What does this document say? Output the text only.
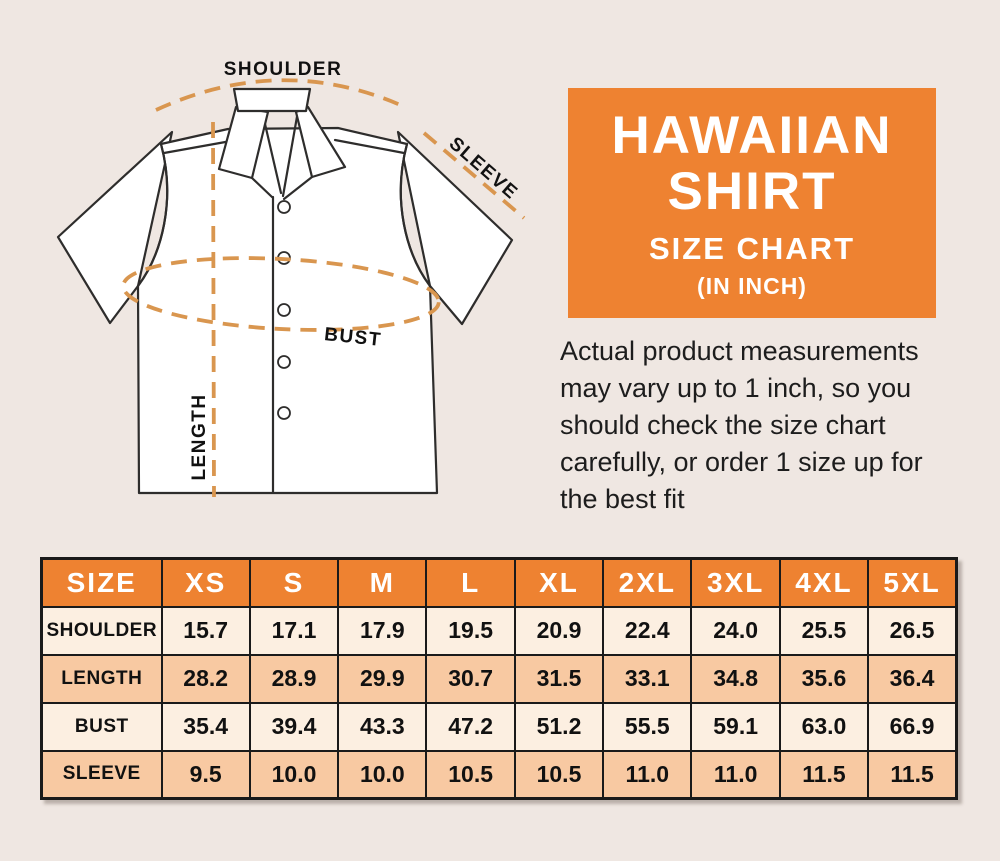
SHOULDER
SLEEVE
BUST
LENGTH
HAWAIIAN
SHIRT
SIZE CHART
(IN INCH)
Actual product measurements
may vary up to 1 inch, so you
should check the size chart
carefully, or order 1 size up for
the best fit
SIZE	XS	S	M	L	XL	2XL	3XL	4XL	5XL
SHOULDER	15.7	17.1	17.9	19.5	20.9	22.4	24.0	25.5	26.5
LENGTH	28.2	28.9	29.9	30.7	31.5	33.1	34.8	35.6	36.4
BUST	35.4	39.4	43.3	47.2	51.2	55.5	59.1	63.0	66.9
SLEEVE	9.5	10.0	10.0	10.5	10.5	11.0	11.0	11.5	11.5
